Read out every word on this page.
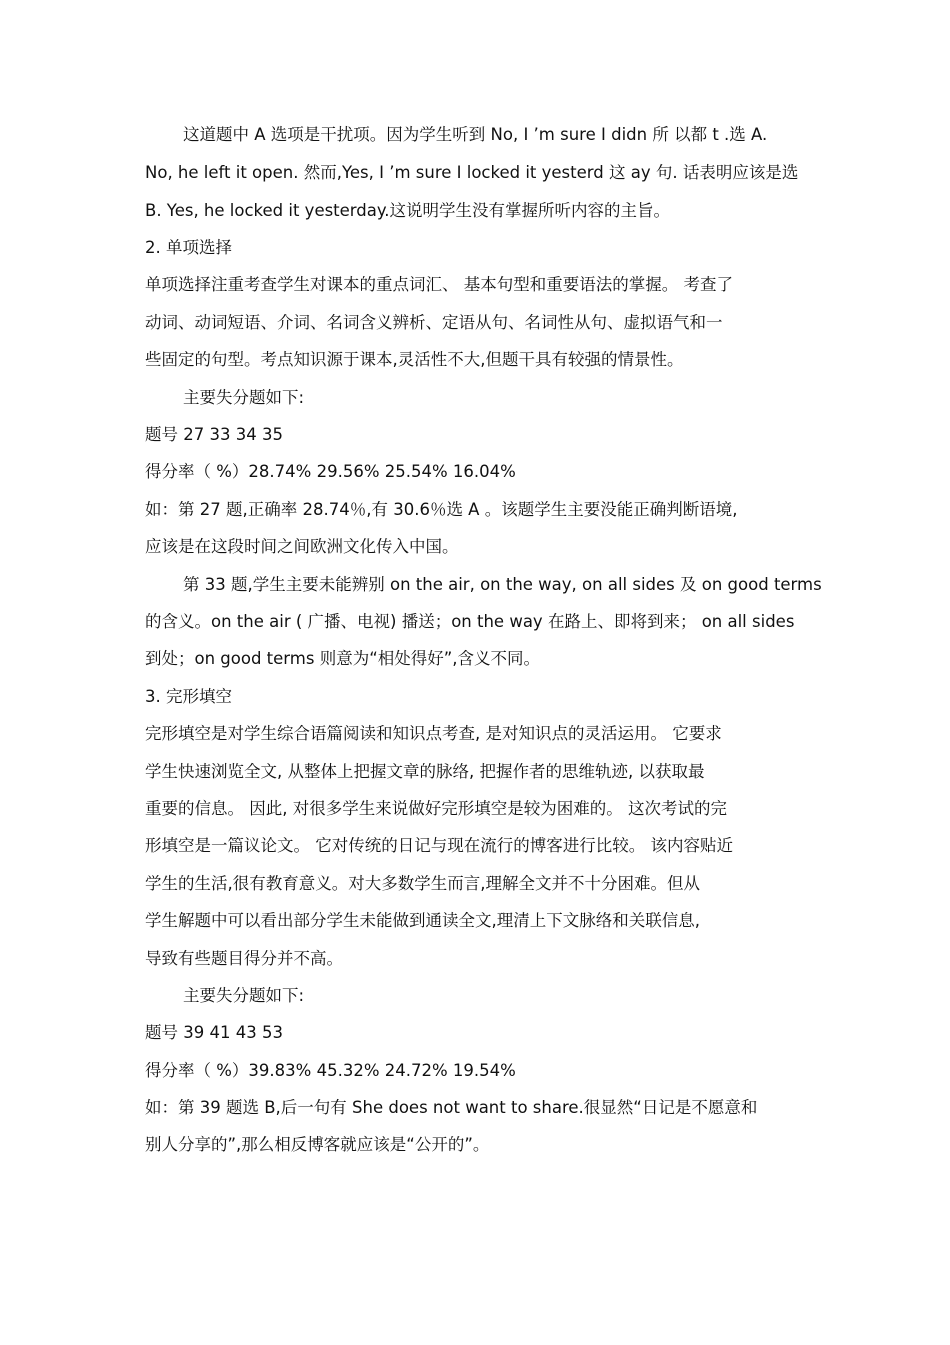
这道题中 A 选项是干扰项。因为学生听到 No, I ’m sure I didn 所 以都 t .选 A.
No, he left it open. 然而,Yes, I ’m sure I locked it yesterd 这 ay 句. 话表明应该是选
B. Yes, he locked it yesterday.这说明学生没有掌握所听内容的主旨。
2. 单项选择
单项选择注重考查学生对课本的重点词汇、 基本句型和重要语法的掌握。 考查了
动词、动词短语、介词、名词含义辨析、定语从句、名词性从句、虚拟语气和一
些固定的句型。考点知识源于课本,灵活性不大,但题干具有较强的情景性。
主要失分题如下:
题号 27 33 34 35
得分率（ %）28.74% 29.56% 25.54% 16.04%
如：第 27 题,正确率 28.74％,有 30.6％选 A 。该题学生主要没能正确判断语境,
应该是在这段时间之间欧洲文化传入中国。
第 33 题,学生主要未能辨别 on the air, on the way, on all sides 及 on good terms
的含义。on the air ( 广播、电视) 播送；on the way 在路上、即将到来； on all sides
到处；on good terms 则意为“相处得好”,含义不同。
3. 完形填空
完形填空是对学生综合语篇阅读和知识点考查, 是对知识点的灵活运用。 它要求
学生快速浏览全文, 从整体上把握文章的脉络, 把握作者的思维轨迹, 以获取最
重要的信息。 因此, 对很多学生来说做好完形填空是较为困难的。 这次考试的完
形填空是一篇议论文。 它对传统的日记与现在流行的博客进行比较。 该内容贴近
学生的生活,很有教育意义。对大多数学生而言,理解全文并不十分困难。但从
学生解题中可以看出部分学生未能做到通读全文,理清上下文脉络和关联信息,
导致有些题目得分并不高。
主要失分题如下:
题号 39 41 43 53
得分率（ %）39.83% 45.32% 24.72% 19.54%
如：第 39 题选 B,后一句有 She does not want to share.很显然“日记是不愿意和
别人分享的”,那么相反博客就应该是“公开的”。
